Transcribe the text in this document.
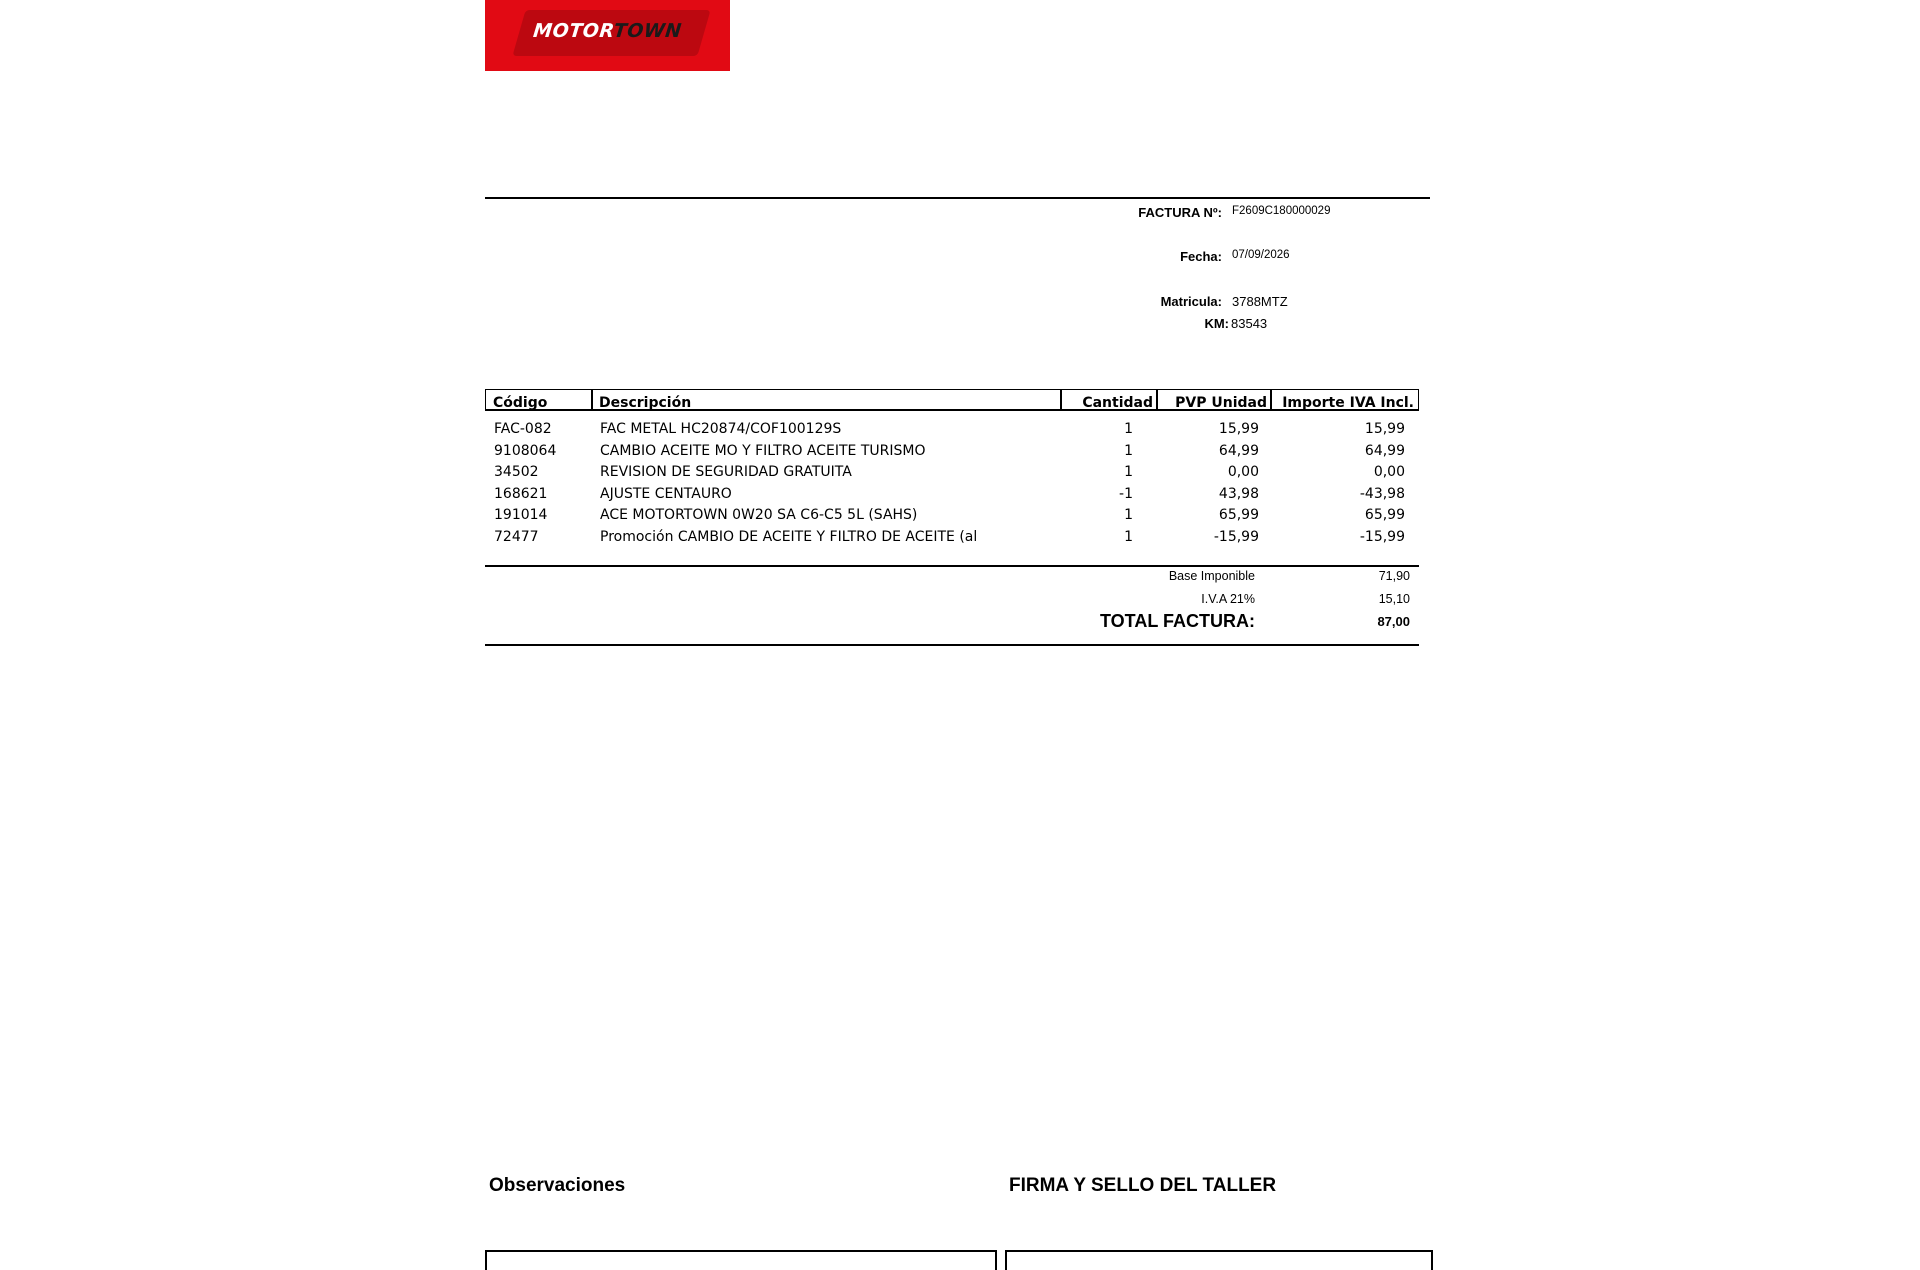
MOTORTOWN
FACTURA Nº: F2609C180000029
Fecha: 07/09/2026
Matricula: 3788MTZ
KM: 83543
Código	Descripción	Cantidad	PVP Unidad	Importe IVA Incl.
FAC-082	FAC METAL HC20874/COF100129S	1	15,99	15,99
9108064	CAMBIO ACEITE MO Y FILTRO ACEITE TURISMO	1	64,99	64,99
34502	REVISION DE SEGURIDAD GRATUITA	1	0,00	0,00
168621	AJUSTE CENTAURO	-1	43,98	-43,98
191014	ACE MOTORTOWN 0W20 SA C6-C5 5L (SAHS)	1	65,99	65,99
72477	Promoción CAMBIO DE ACEITE Y FILTRO DE ACEITE (al	1	-15,99	-15,99
Base Imponible	71,90
I.V.A 21%	15,10
TOTAL FACTURA:	87,00
Observaciones	FIRMA Y SELLO DEL TALLER
